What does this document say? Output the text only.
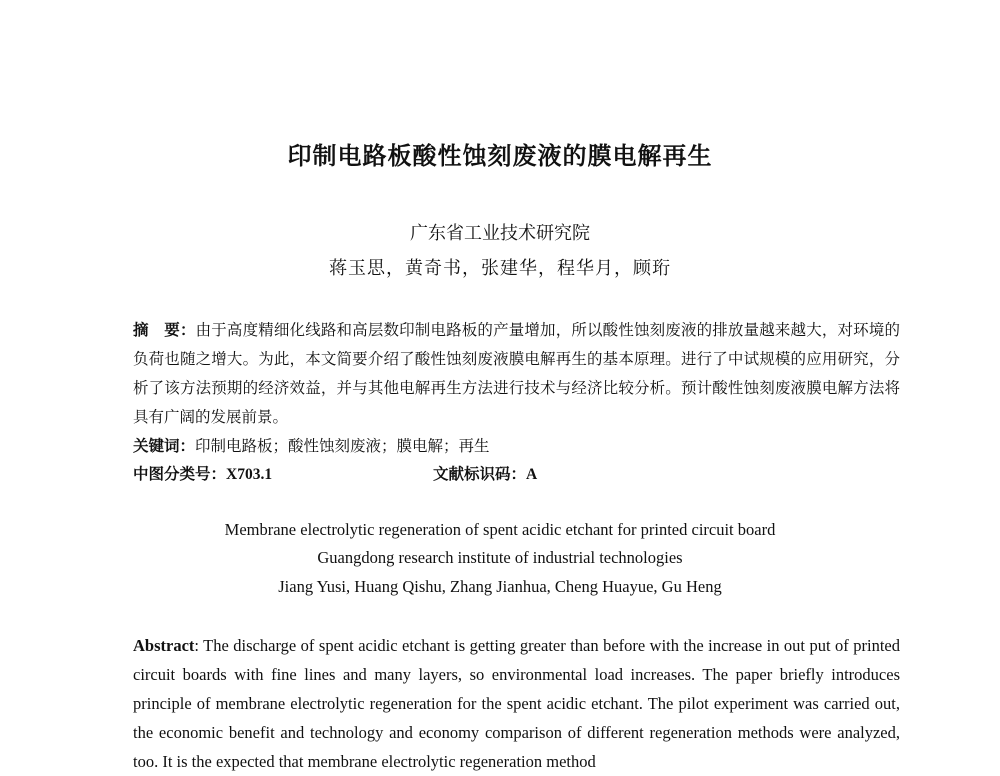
印制电路板酸性蚀刻废液的膜电解再生
广东省工业技术研究院
蒋玉思，黄奇书，张建华，程华月，顾珩
摘　要：由于高度精细化线路和高层数印制电路板的产量增加，所以酸性蚀刻废液的排放量越来越大，对环境的负荷也随之增大。为此，本文简要介绍了酸性蚀刻废液膜电解再生的基本原理。进行了中试规模的应用研究，分析了该方法预期的经济效益，并与其他电解再生方法进行技术与经济比较分析。预计酸性蚀刻废液膜电解方法将具有广阔的发展前景。
关键词：印制电路板；酸性蚀刻废液；膜电解；再生
中图分类号：X703.1	文献标识码：A
Membrane electrolytic regeneration of spent acidic etchant for printed circuit board
Guangdong research institute of industrial technologies
Jiang Yusi, Huang Qishu, Zhang Jianhua, Cheng Huayue, Gu Heng
Abstract: The discharge of spent acidic etchant is getting greater than before with the increase in out put of printed circuit boards with fine lines and many layers, so environmental load increases. The paper briefly introduces principle of membrane electrolytic regeneration for the spent acidic etchant. The pilot experiment was carried out, the economic benefit and technology and economy comparison of different regeneration methods were analyzed, too. It is the expected that membrane electrolytic regeneration method
